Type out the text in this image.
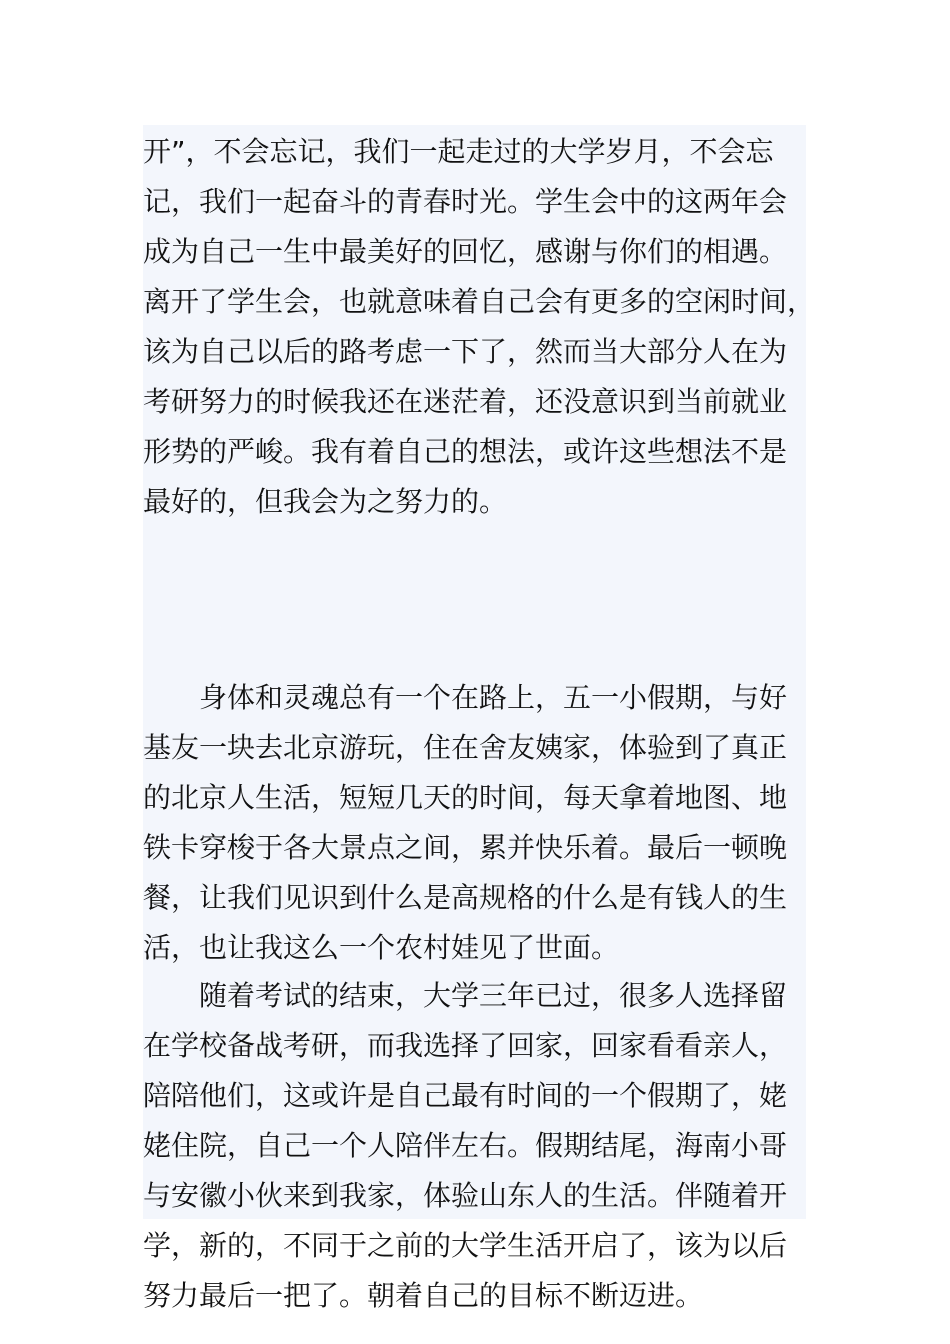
开”，不会忘记，我们一起走过的大学岁月，不会忘
记，我们一起奋斗的青春时光。学生会中的这两年会
成为自己一生中最美好的回忆，感谢与你们的相遇。
离开了学生会，也就意味着自己会有更多的空闲时间，
该为自己以后的路考虑一下了，然而当大部分人在为
考研努力的时候我还在迷茫着，还没意识到当前就业
形势的严峻。我有着自己的想法，或许这些想法不是
最好的，但我会为之努力的。
　　身体和灵魂总有一个在路上，五一小假期，与好
基友一块去北京游玩，住在舍友姨家，体验到了真正
的北京人生活，短短几天的时间，每天拿着地图、地
铁卡穿梭于各大景点之间，累并快乐着。最后一顿晚
餐，让我们见识到什么是高规格的什么是有钱人的生
活，也让我这么一个农村娃见了世面。
　　随着考试的结束，大学三年已过，很多人选择留
在学校备战考研，而我选择了回家，回家看看亲人，
陪陪他们，这或许是自己最有时间的一个假期了，姥
姥住院，自己一个人陪伴左右。假期结尾，海南小哥
与安徽小伙来到我家，体验山东人的生活。伴随着开
学，新的，不同于之前的大学生活开启了，该为以后
努力最后一把了。朝着自己的目标不断迈进。
